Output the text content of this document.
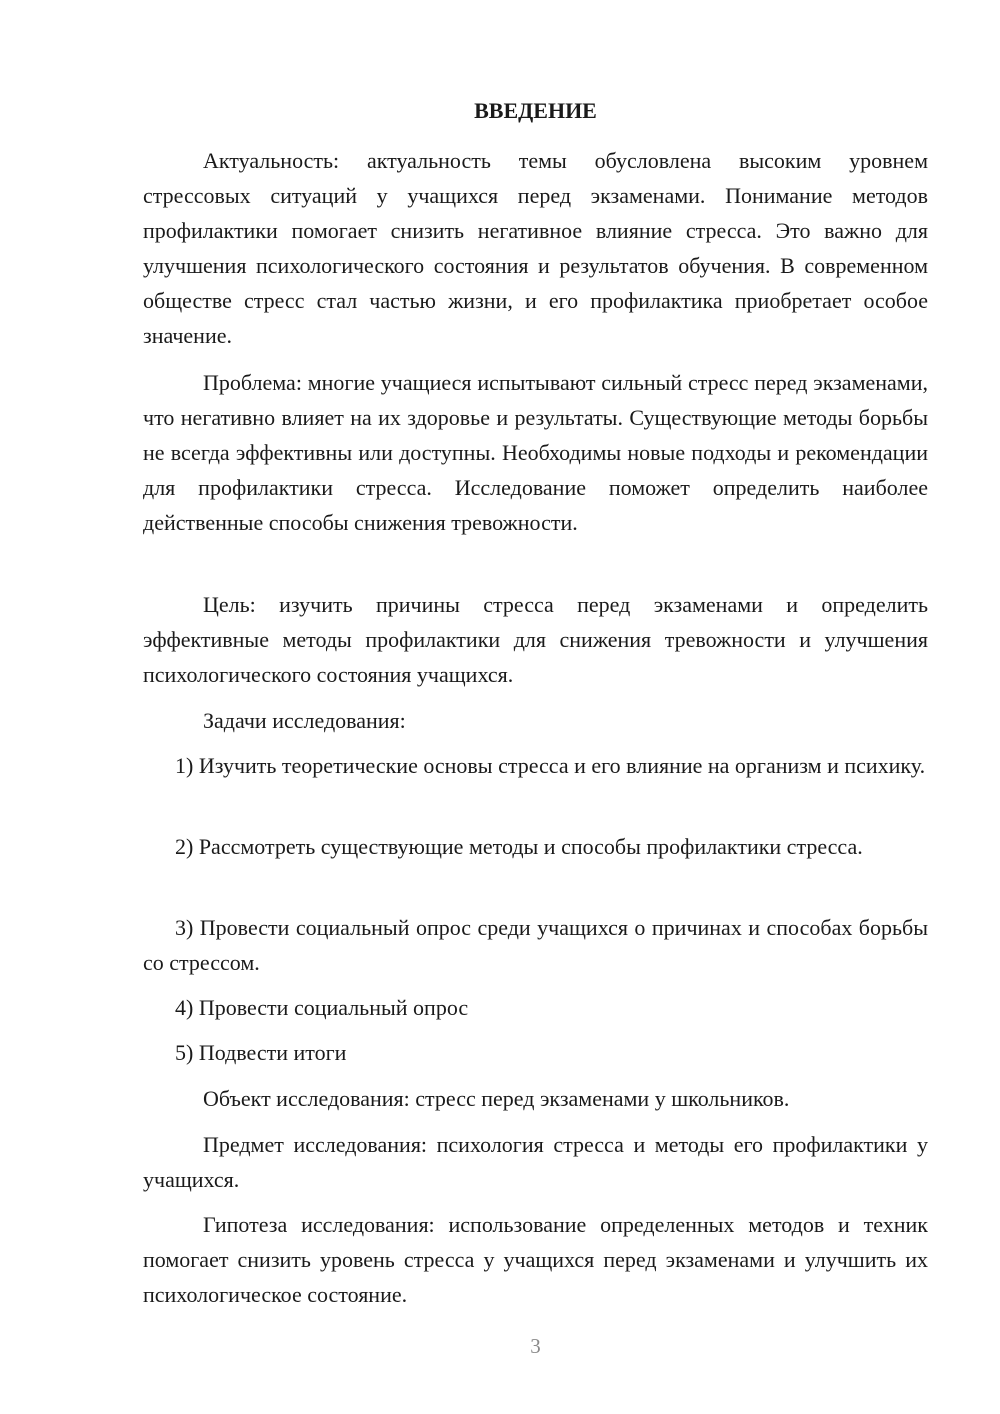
ВВЕДЕНИЕ

Актуальность: актуальность темы обусловлена высоким уровнем стрессовых ситуаций у учащихся перед экзаменами. Понимание методов профилактики помогает снизить негативное влияние стресса. Это важно для улучшения психологического состояния и результатов обучения. В современном обществе стресс стал частью жизни, и его профилактика приобретает особое значение.

Проблема: многие учащиеся испытывают сильный стресс перед экзаменами, что негативно влияет на их здоровье и результаты. Существующие методы борьбы не всегда эффективны или доступны. Необходимы новые подходы и рекомендации для профилактики стресса. Исследование поможет определить наиболее действенные способы снижения тревожности.

Цель: изучить причины стресса перед экзаменами и определить эффективные методы профилактики для снижения тревожности и улучшения психологического состояния учащихся.

Задачи исследования:

1) Изучить теоретические основы стресса и его влияние на организм и психику.

2) Рассмотреть существующие методы и способы профилактики стресса.

3) Провести социальный опрос среди учащихся о причинах и способах борьбы со стрессом.

4) Провести социальный опрос

5) Подвести итоги

Объект исследования: стресс перед экзаменами у школьников.

Предмет исследования: психология стресса и методы его профилактики у учащихся.

Гипотеза исследования: использование определенных методов и техник помогает снизить уровень стресса у учащихся перед экзаменами и улучшить их психологическое состояние.

3
